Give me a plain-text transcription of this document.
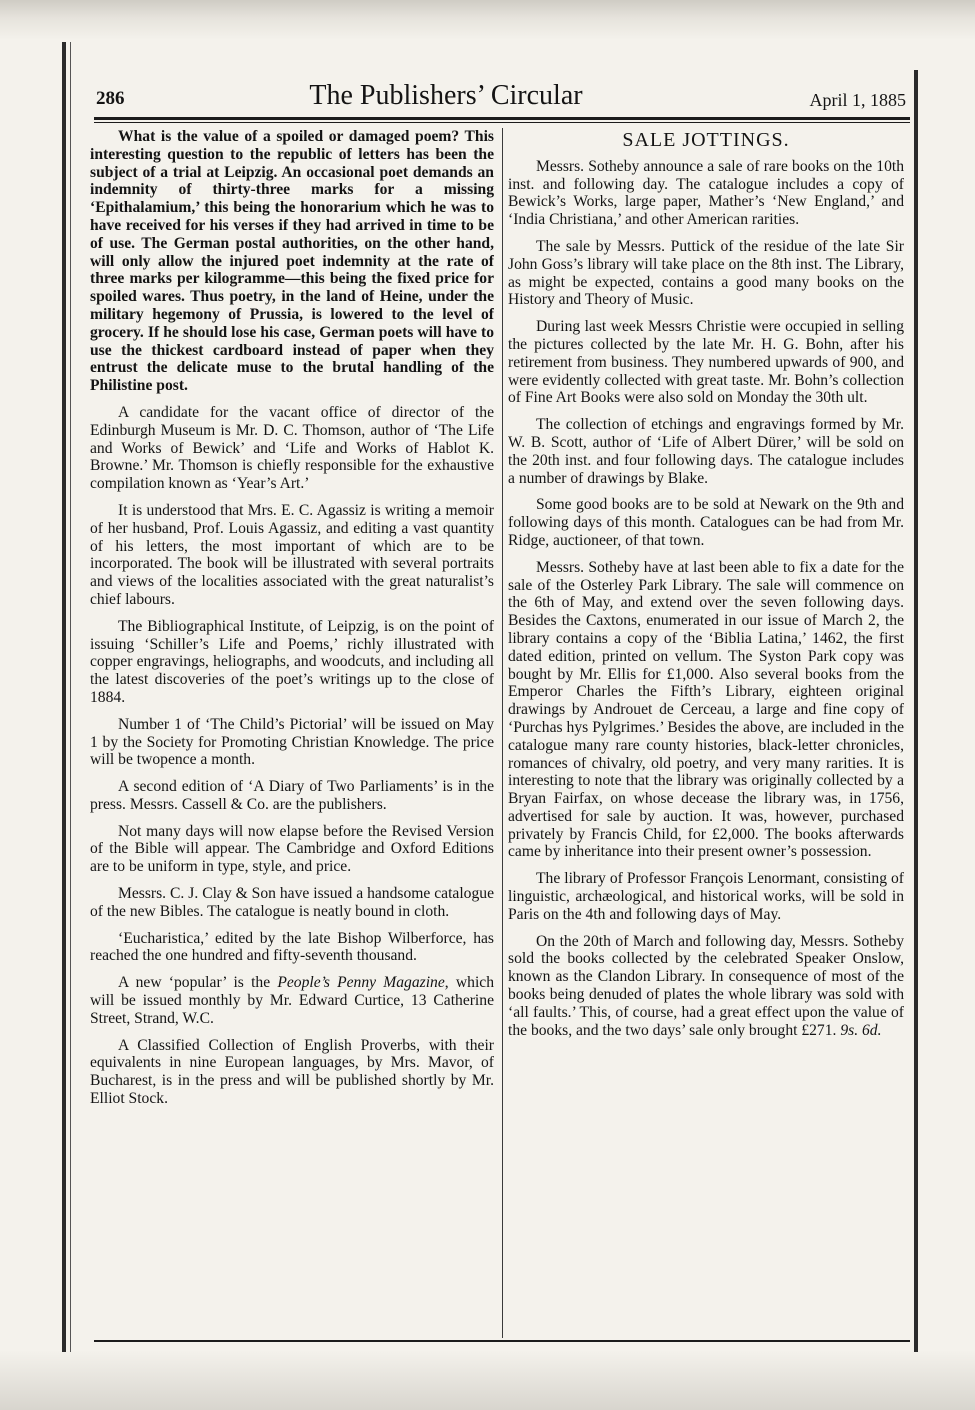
286	The Publishers’ Circular	April 1, 1885

What is the value of a spoiled or damaged poem? This interesting question to the republic of letters has been the subject of a trial at Leipzig. An occasional poet demands an indemnity of thirty-three marks for a missing ‘Epithalamium,’ this being the honorarium which he was to have received for his verses if they had arrived in time to be of use. The German postal authorities, on the other hand, will only allow the injured poet indemnity at the rate of three marks per kilogramme—this being the fixed price for spoiled wares. Thus poetry, in the land of Heine, under the military hegemony of Prussia, is lowered to the level of grocery. If he should lose his case, German poets will have to use the thickest cardboard instead of paper when they entrust the delicate muse to the brutal handling of the Philistine post.

A candidate for the vacant office of director of the Edinburgh Museum is Mr. D. C. Thomson, author of ‘The Life and Works of Bewick’ and ‘Life and Works of Hablot K. Browne.’ Mr. Thomson is chiefly responsible for the exhaustive compilation known as ‘Year’s Art.’

It is understood that Mrs. E. C. Agassiz is writing a memoir of her husband, Prof. Louis Agassiz, and editing a vast quantity of his letters, the most important of which are to be incorporated. The book will be illustrated with several portraits and views of the localities associated with the great naturalist’s chief labours.

The Bibliographical Institute, of Leipzig, is on the point of issuing ‘Schiller’s Life and Poems,’ richly illustrated with copper engravings, heliographs, and woodcuts, and including all the latest discoveries of the poet’s writings up to the close of 1884.

Number 1 of ‘The Child’s Pictorial’ will be issued on May 1 by the Society for Promoting Christian Knowledge. The price will be twopence a month.

A second edition of ‘A Diary of Two Parliaments’ is in the press. Messrs. Cassell & Co. are the publishers.

Not many days will now elapse before the Revised Version of the Bible will appear. The Cambridge and Oxford Editions are to be uniform in type, style, and price.

Messrs. C. J. Clay & Son have issued a handsome catalogue of the new Bibles. The catalogue is neatly bound in cloth.

‘Eucharistica,’ edited by the late Bishop Wilberforce, has reached the one hundred and fifty-seventh thousand.

A new ‘popular’ is the People’s Penny Magazine, which will be issued monthly by Mr. Edward Curtice, 13 Catherine Street, Strand, W.C.

A Classified Collection of English Proverbs, with their equivalents in nine European languages, by Mrs. Mavor, of Bucharest, is in the press and will be published shortly by Mr. Elliot Stock.

SALE JOTTINGS.

Messrs. Sotheby announce a sale of rare books on the 10th inst. and following day. The catalogue includes a copy of Bewick’s Works, large paper, Mather’s ‘New England,’ and ‘India Christiana,’ and other American rarities.

The sale by Messrs. Puttick of the residue of the late Sir John Goss’s library will take place on the 8th inst. The Library, as might be expected, contains a good many books on the History and Theory of Music.

During last week Messrs Christie were occupied in selling the pictures collected by the late Mr. H. G. Bohn, after his retirement from business. They numbered upwards of 900, and were evidently collected with great taste. Mr. Bohn’s collection of Fine Art Books were also sold on Monday the 30th ult.

The collection of etchings and engravings formed by Mr. W. B. Scott, author of ‘Life of Albert Dürer,’ will be sold on the 20th inst. and four following days. The catalogue includes a number of drawings by Blake.

Some good books are to be sold at Newark on the 9th and following days of this month. Catalogues can be had from Mr. Ridge, auctioneer, of that town.

Messrs. Sotheby have at last been able to fix a date for the sale of the Osterley Park Library. The sale will commence on the 6th of May, and extend over the seven following days. Besides the Caxtons, enumerated in our issue of March 2, the library contains a copy of the ‘Biblia Latina,’ 1462, the first dated edition, printed on vellum. The Syston Park copy was bought by Mr. Ellis for £1,000. Also several books from the Emperor Charles the Fifth’s Library, eighteen original drawings by Androuet de Cerceau, a large and fine copy of ‘Purchas hys Pylgrimes.’ Besides the above, are included in the catalogue many rare county histories, black-letter chronicles, romances of chivalry, old poetry, and very many rarities. It is interesting to note that the library was originally collected by a Bryan Fairfax, on whose decease the library was, in 1756, advertised for sale by auction. It was, however, purchased privately by Francis Child, for £2,000. The books afterwards came by inheritance into their present owner’s possession.

The library of Professor François Lenormant, consisting of linguistic, archæological, and historical works, will be sold in Paris on the 4th and following days of May.

On the 20th of March and following day, Messrs. Sotheby sold the books collected by the celebrated Speaker Onslow, known as the Clandon Library. In consequence of most of the books being denuded of plates the whole library was sold with ‘all faults.’ This, of course, had a great effect upon the value of the books, and the two days’ sale only brought £271. 9s. 6d.
